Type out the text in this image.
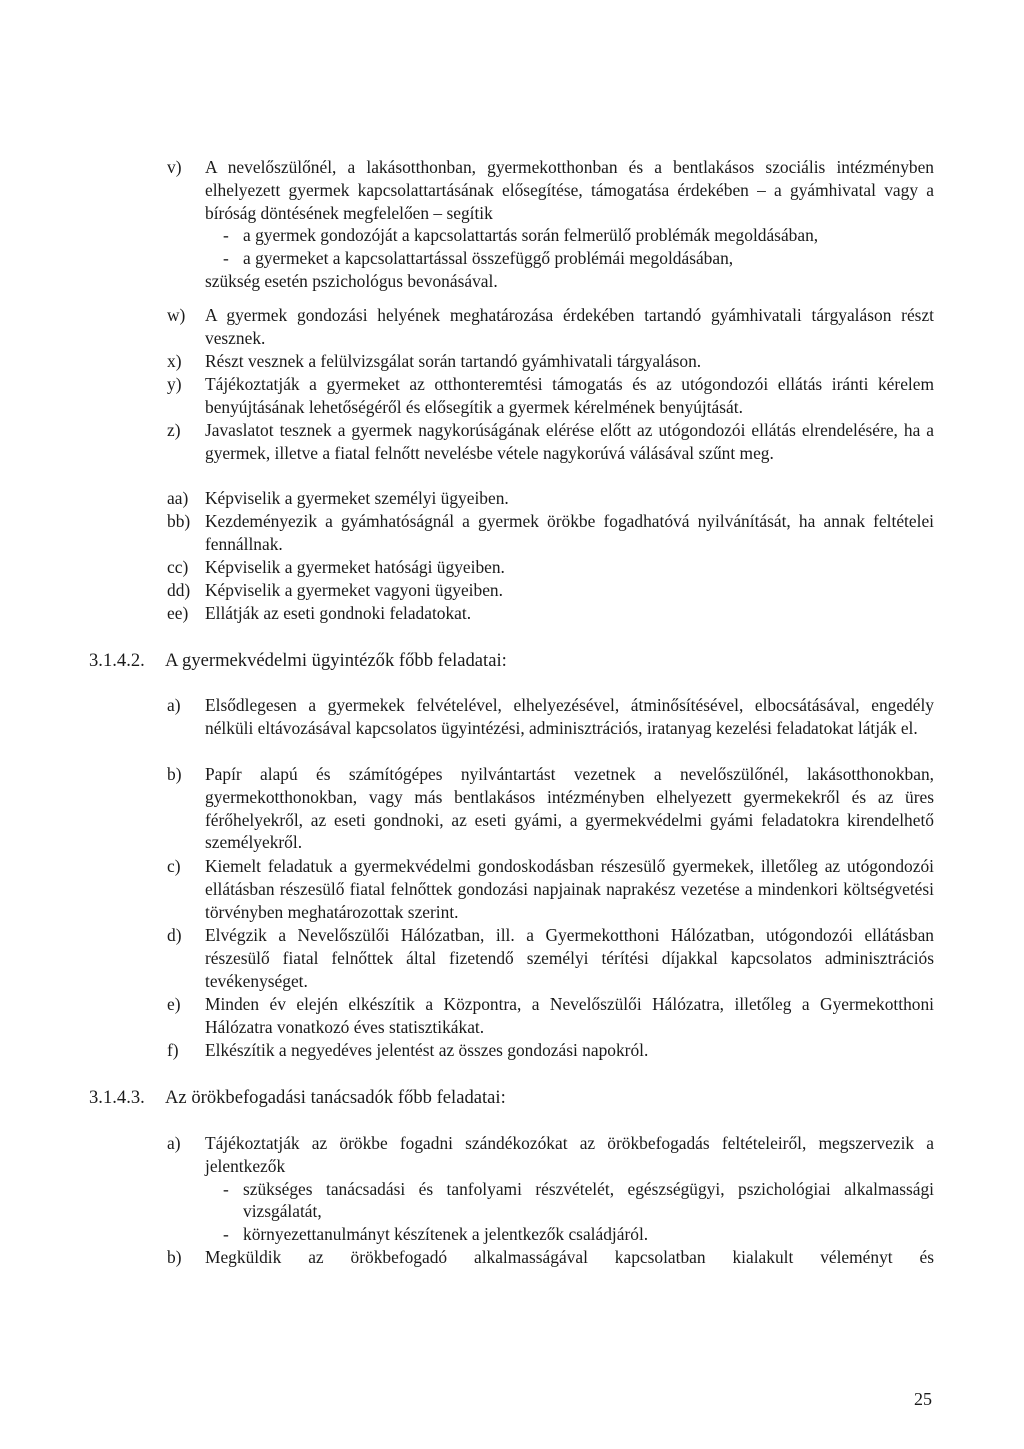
v) A nevelőszülőnél, a lakásotthonban, gyermekotthonban és a bentlakásos szociális intézményben elhelyezett gyermek kapcsolattartásának elősegítése, támogatása érdekében – a gyámhivatal vagy a bíróság döntésének megfelelően – segítik

- a gyermek gondozóját a kapcsolattartás során felmerülő problémák megoldásában,

- a gyermeket a kapcsolattartással összefüggő problémái megoldásában,

szükség esetén pszichológus bevonásával.

w) A gyermek gondozási helyének meghatározása érdekében tartandó gyámhivatali tárgyaláson részt vesznek.

x) Részt vesznek a felülvizsgálat során tartandó gyámhivatali tárgyaláson.

y) Tájékoztatják a gyermeket az otthonteremtési támogatás és az utógondozói ellátás iránti kérelem benyújtásának lehetőségéről és elősegítik a gyermek kérelmének benyújtását.

z) Javaslatot tesznek a gyermek nagykorúságának elérése előtt az utógondozói ellátás elrendelésére, ha a gyermek, illetve a fiatal felnőtt nevelésbe vétele nagykorúvá válásával szűnt meg.

aa) Képviselik a gyermeket személyi ügyeiben.

bb) Kezdeményezik a gyámhatóságnál a gyermek örökbe fogadhatóvá nyilvánítását, ha annak feltételei fennállnak.

cc) Képviselik a gyermeket hatósági ügyeiben.

dd) Képviselik a gyermeket vagyoni ügyeiben.

ee) Ellátják az eseti gondnoki feladatokat.

3.1.4.2. A gyermekvédelmi ügyintézők főbb feladatai:
a) Elsődlegesen a gyermekek felvételével, elhelyezésével, átminősítésével, elbocsátásával, engedély nélküli eltávozásával kapcsolatos ügyintézési, adminisztrációs, iratanyag kezelési feladatokat látják el.

b) Papír alapú és számítógépes nyilvántartást vezetnek a nevelőszülőnél, lakásotthonokban, gyermekotthonokban, vagy más bentlakásos intézményben elhelyezett gyermekekről és az üres férőhelyekről, az eseti gondnoki, az eseti gyámi, a gyermekvédelmi gyámi feladatokra kirendelhető személyekről.

c) Kiemelt feladatuk a gyermekvédelmi gondoskodásban részesülő gyermekek, illetőleg az utógondozói ellátásban részesülő fiatal felnőttek gondozási napjainak naprakész vezetése a mindenkori költségvetési törvényben meghatározottak szerint.

d) Elvégzik a Nevelőszülői Hálózatban, ill. a Gyermekotthoni Hálózatban, utógondozói ellátásban részesülő fiatal felnőttek által fizetendő személyi térítési díjakkal kapcsolatos adminisztrációs tevékenységet.

e) Minden év elején elkészítik a Központra, a Nevelőszülői Hálózatra, illetőleg a Gyermekotthoni Hálózatra vonatkozó éves statisztikákat.

f) Elkészítik a negyedéves jelentést az összes gondozási napokról.

3.1.4.3. Az örökbefogadási tanácsadók főbb feladatai:
a) Tájékoztatják az örökbe fogadni szándékozókat az örökbefogadás feltételeiről, megszervezik a jelentkezők

- szükséges tanácsadási és tanfolyami részvételét, egészségügyi, pszichológiai alkalmassági vizsgálatát,

- környezettanulmányt készítenek a jelentkezők családjáról.

b) Megküldik az örökbefogadó alkalmasságával kapcsolatban kialakult véleményt és

25
